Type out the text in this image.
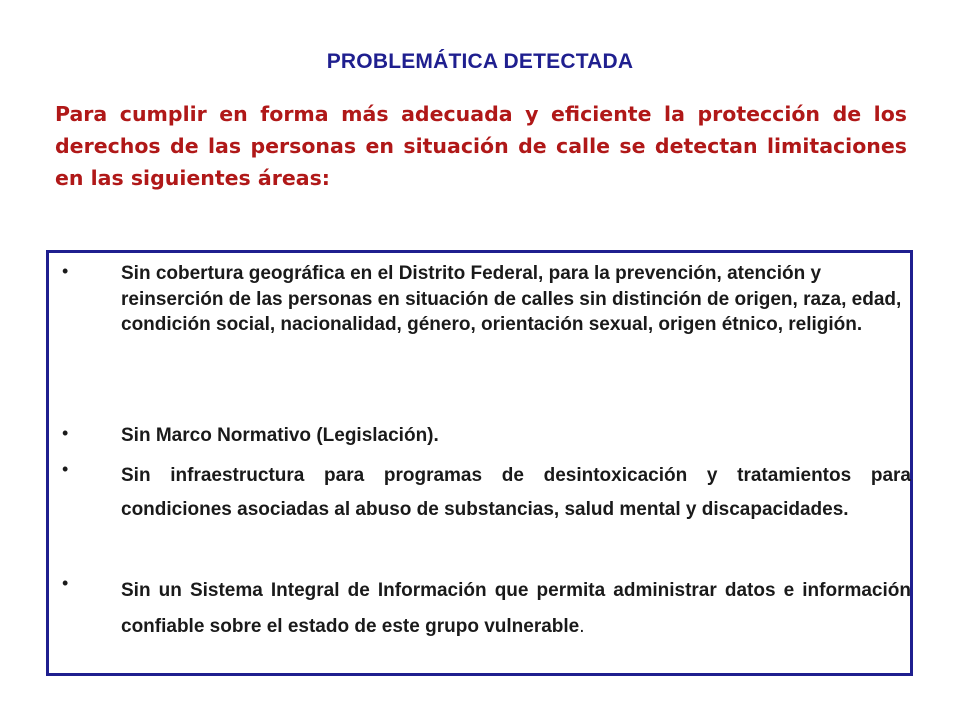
PROBLEMÁTICA DETECTADA
Para cumplir en forma más adecuada y eficiente la protección de los derechos de las personas en situación de calle se detectan limitaciones en las siguientes áreas:
•	Sin cobertura geográfica en el Distrito Federal, para la prevención, atención y reinserción de las personas en situación de calles sin distinción de origen, raza, edad, condición social, nacionalidad, género, orientación sexual, origen étnico, religión.
•	Sin Marco Normativo (Legislación).
•	Sin infraestructura para programas de desintoxicación y tratamientos para condiciones asociadas al abuso de substancias, salud mental y discapacidades.
•	Sin un Sistema Integral de Información que permita administrar datos e información confiable sobre el estado de este grupo vulnerable.
